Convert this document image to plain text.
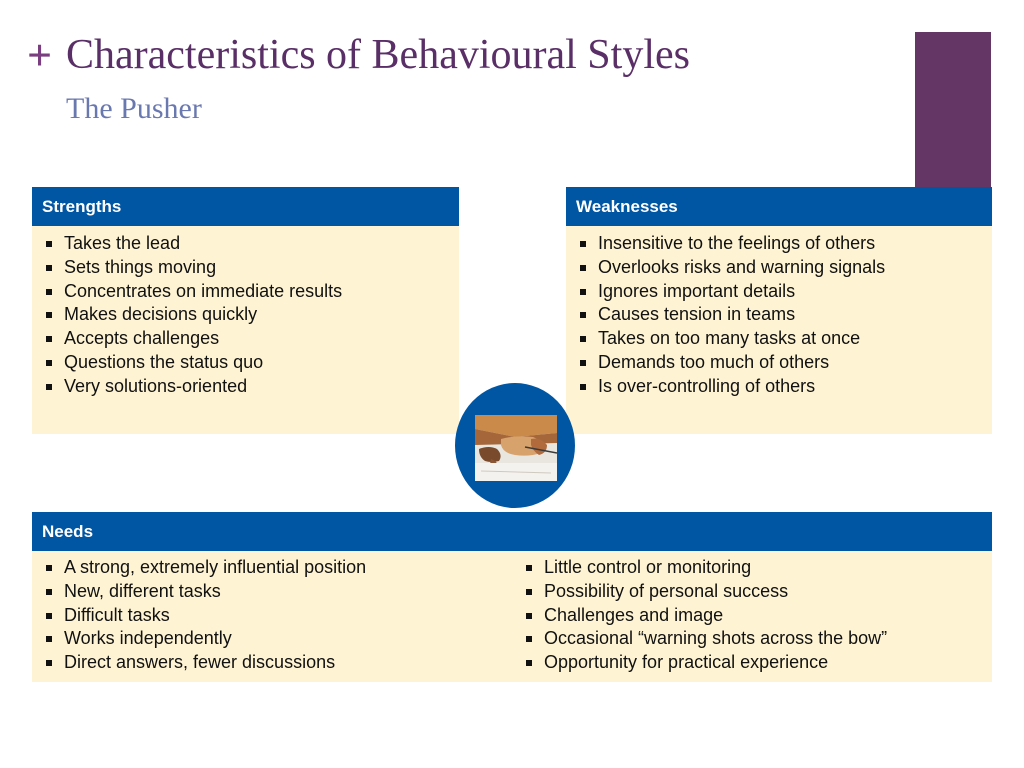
+ Characteristics of Behavioural Styles
The Pusher
Strengths
Takes the lead
Sets things moving
Concentrates on immediate results
Makes decisions quickly
Accepts challenges
Questions the status quo
Very solutions-oriented
Weaknesses
Insensitive to the feelings of others
Overlooks risks and warning signals
Ignores important details
Causes tension in teams
Takes on too many tasks at once
Demands too much of others
Is over-controlling of others
Needs
A strong, extremely influential position
New, different tasks
Difficult tasks
Works independently
Direct answers, fewer discussions
Little control or monitoring
Possibility of personal success
Challenges and image
Occasional “warning shots across the bow”
Opportunity for practical experience
